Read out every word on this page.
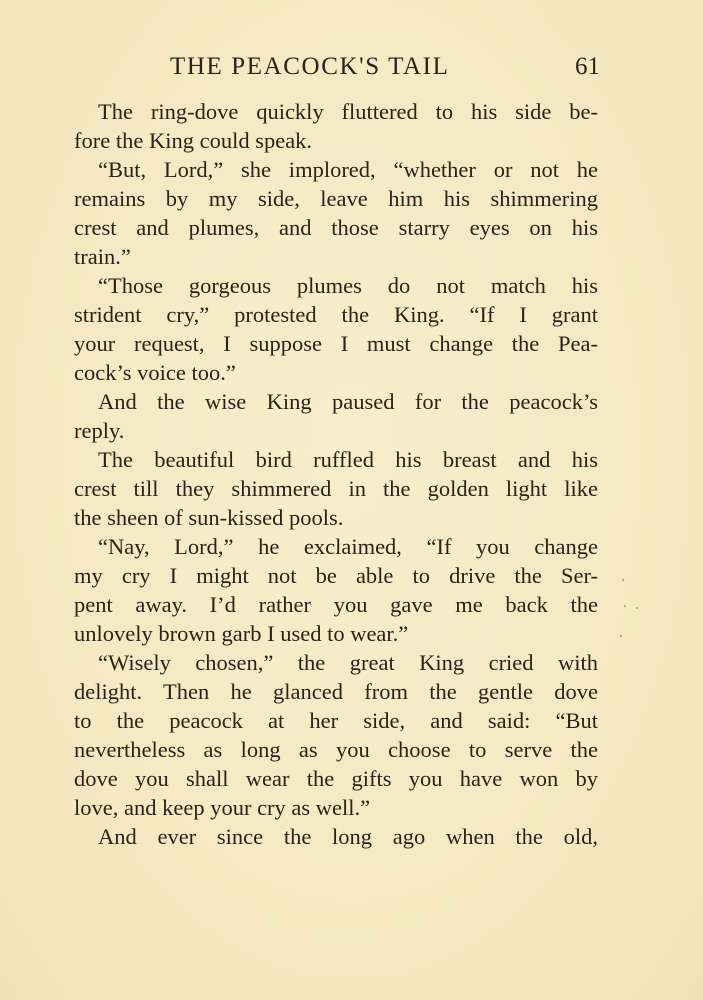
THE PEACOCK'S TAIL	61
The ring-dove quickly fluttered to his side be-
fore the King could speak.
“But, Lord,” she implored, “whether or not he
remains by my side, leave him his shimmering
crest and plumes, and those starry eyes on his
train.”
“Those gorgeous plumes do not match his
strident cry,” protested the King. “If I grant
your request, I suppose I must change the Pea-
cock’s voice too.”
And the wise King paused for the peacock’s
reply.
The beautiful bird ruffled his breast and his
crest till they shimmered in the golden light like
the sheen of sun-kissed pools.
“Nay, Lord,” he exclaimed, “If you change
my cry I might not be able to drive the Ser-
pent away. I’d rather you gave me back the
unlovely brown garb I used to wear.”
“Wisely chosen,” the great King cried with
delight. Then he glanced from the gentle dove
to the peacock at her side, and said: “But
nevertheless as long as you choose to serve the
dove you shall wear the gifts you have won by
love, and keep your cry as well.”
And ever since the long ago when the old,
